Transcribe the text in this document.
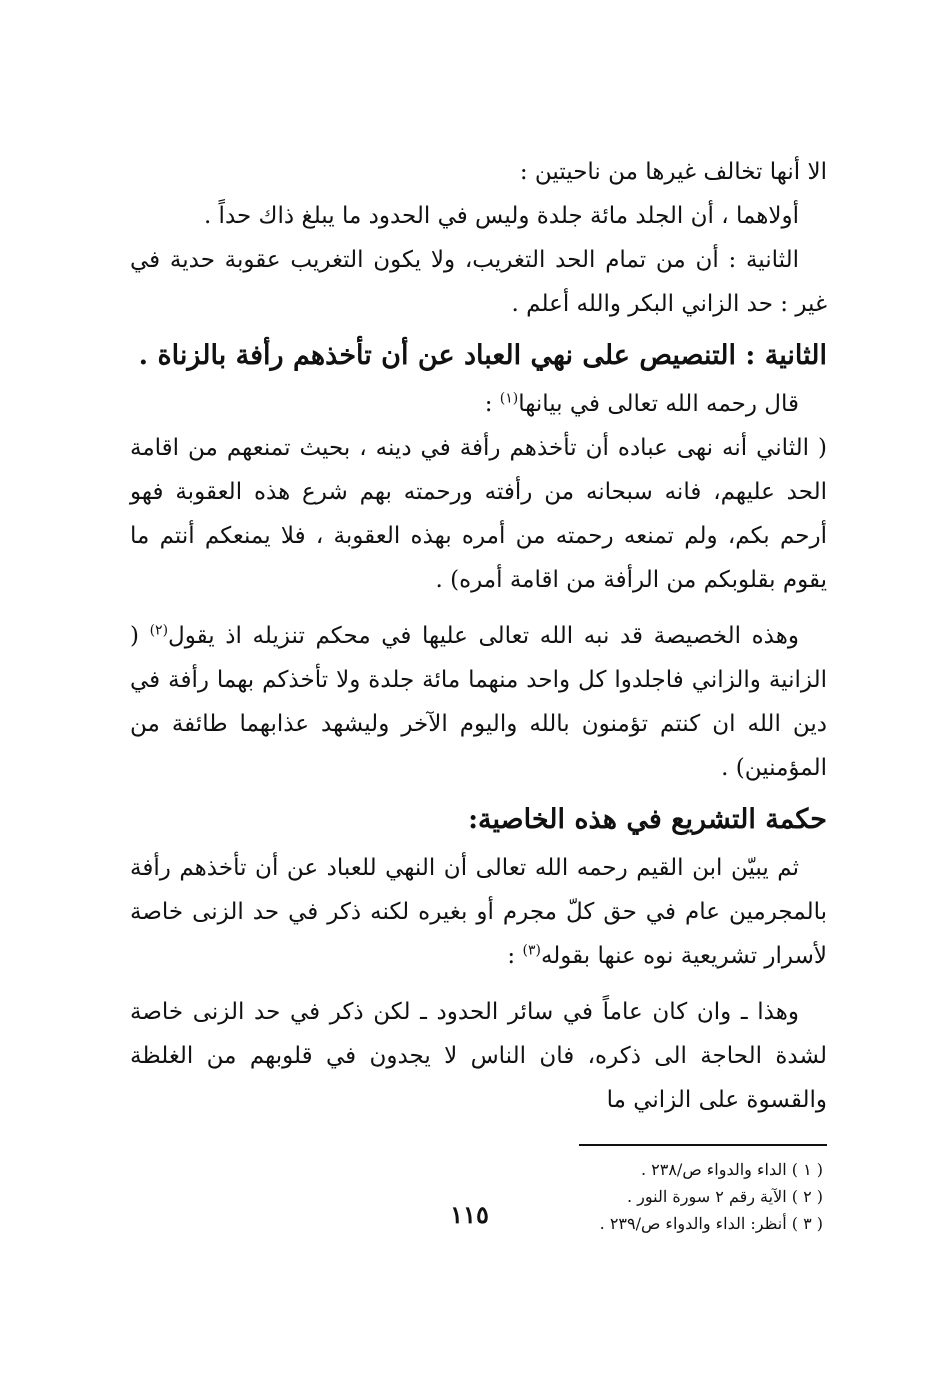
الا أنها تخالف غيرها من ناحيتين :

أولاهما ، أن الجلد مائة جلدة وليس في الحدود ما يبلغ ذاك حداً .

الثانية : أن من تمام الحد التغريب، ولا يكون التغريب عقوبة حدية في غير : حد الزاني البكر والله أعلم .

الثانية : التنصيص على نهي العباد عن أن تأخذهم رأفة بالزناة .

قال رحمه الله تعالى في بيانها$^{(١)}$ :

( الثاني أنه نهى عباده أن تأخذهم رأفة في دينه ، بحيث تمنعهم من اقامة الحد عليهم، فانه سبحانه من رأفته ورحمته بهم شرع هذه العقوبة فهو أرحم بكم، ولم تمنعه رحمته من أمره بهذه العقوبة ، فلا يمنعكم أنتم ما يقوم بقلوبكم من الرأفة من اقامة أمره) .

وهذه الخصيصة قد نبه الله تعالى عليها في محكم تنزيله اذ يقول$^{(٢)}$ ( الزانية والزاني فاجلدوا كل واحد منهما مائة جلدة ولا تأخذكم بهما رأفة في دين الله ان كنتم تؤمنون بالله واليوم الآخر وليشهد عذابهما طائفة من المؤمنين) .

حكمة التشريع في هذه الخاصية:

ثم يبيّن ابن القيم رحمه الله تعالى أن النهي للعباد عن أن تأخذهم رأفة بالمجرمين عام في حق كلّ مجرم أو بغيره لكنه ذكر في حد الزنى خاصة لأسرار تشريعية نوه عنها بقوله$^{(٣)}$ :

وهذا ـ وان كان عاماً في سائر الحدود ـ لكن ذكر في حد الزنى خاصة لشدة الحاجة الى ذكره، فان الناس لا يجدون في قلوبهم من الغلظة والقسوة على الزاني ما

( ١ ) الداء والدواء ص/٢٣٨ .
( ٢ ) الآية رقم ٢ سورة النور .
( ٣ ) أنظر: الداء والدواء ص/٢٣٩ .
١١٥
